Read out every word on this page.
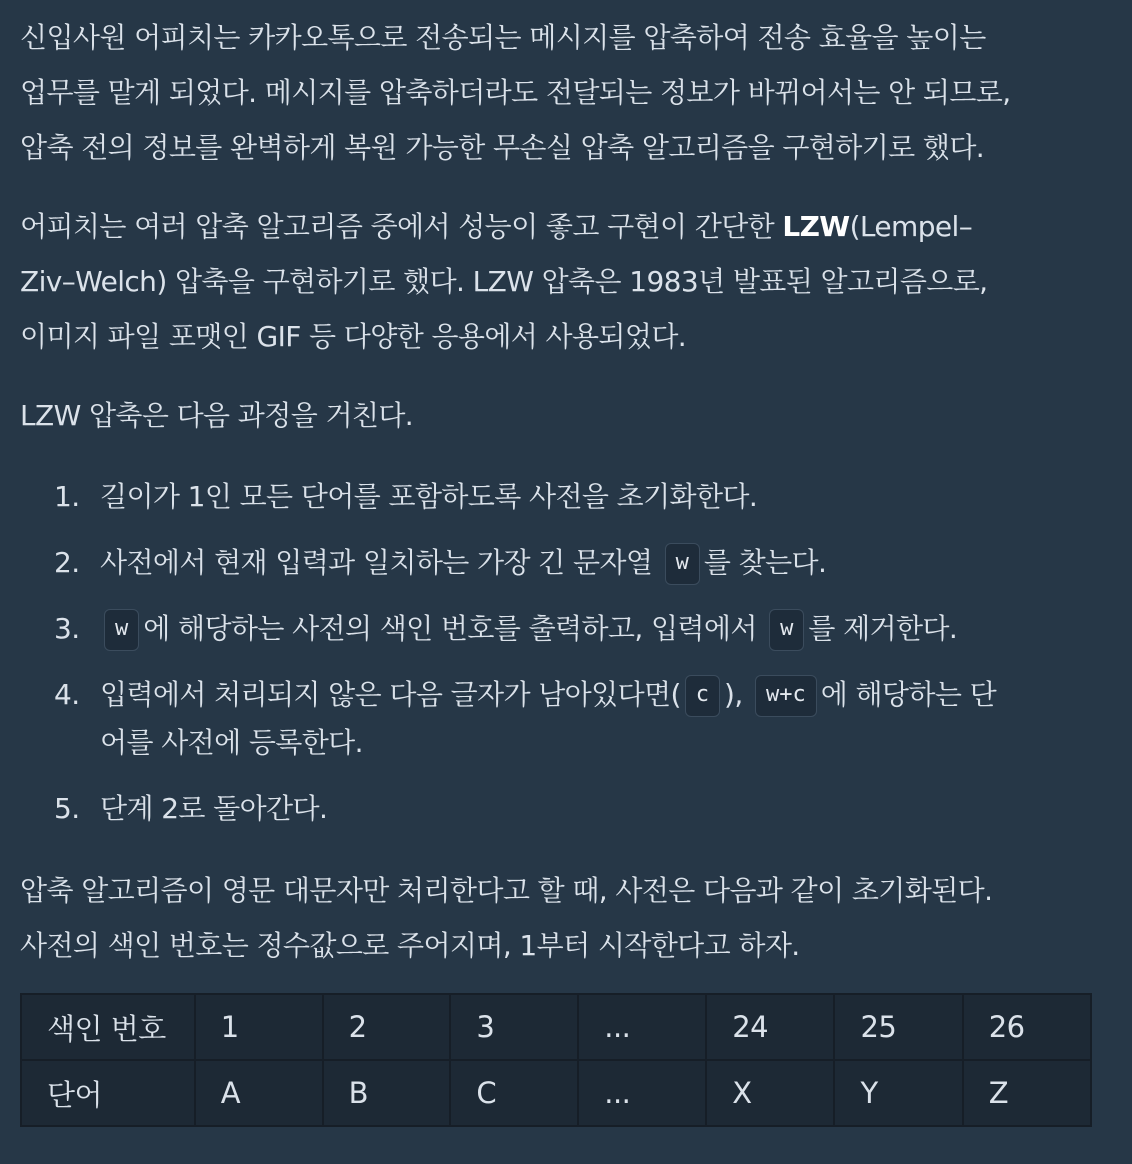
신입사원 어피치는 카카오톡으로 전송되는 메시지를 압축하여 전송 효율을 높이는
업무를 맡게 되었다. 메시지를 압축하더라도 전달되는 정보가 바뀌어서는 안 되므로,
압축 전의 정보를 완벽하게 복원 가능한 무손실 압축 알고리즘을 구현하기로 했다.

어피치는 여러 압축 알고리즘 중에서 성능이 좋고 구현이 간단한 LZW(Lempel–
Ziv–Welch) 압축을 구현하기로 했다. LZW 압축은 1983년 발표된 알고리즘으로,
이미지 파일 포맷인 GIF 등 다양한 응용에서 사용되었다.

LZW 압축은 다음 과정을 거친다.

1. 길이가 1인 모든 단어를 포함하도록 사전을 초기화한다.
2. 사전에서 현재 입력과 일치하는 가장 긴 문자열 w 를 찾는다.
3.	w 에 해당하는 사전의 색인 번호를 출력하고, 입력에서 w 를 제거한다.
4. 입력에서 처리되지 않은 다음 글자가 남아있다면( c ), w+c 에 해당하는 단
어를 사전에 등록한다.
5. 단계 2로 돌아간다.

압축 알고리즘이 영문 대문자만 처리한다고 할 때, 사전은 다음과 같이 초기화된다.
사전의 색인 번호는 정수값으로 주어지며, 1부터 시작한다고 하자.

색인 번호	1	2	3	...	24	25	26
단어	A	B	C	...	X	Y	Z
